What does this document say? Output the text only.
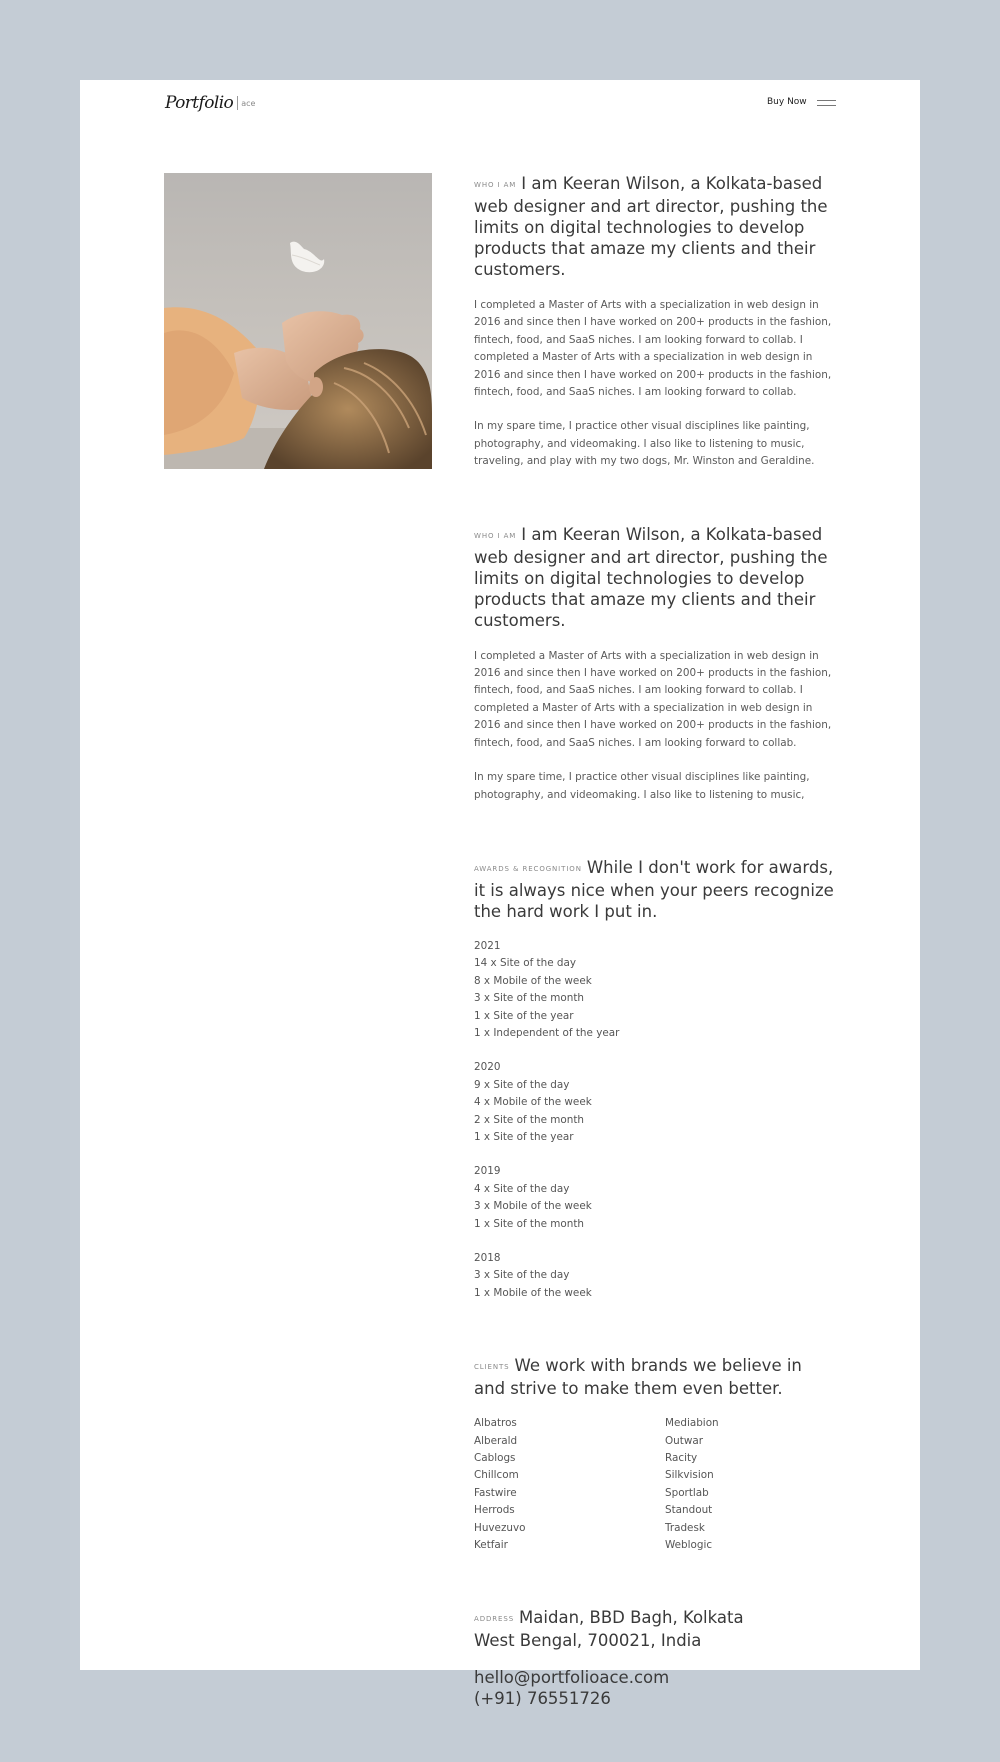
Portfolio ace	Buy Now

WHO I AM I am Keeran Wilson, a Kolkata-based web designer and art director, pushing the limits on digital technologies to develop products that amaze my clients and their customers.

I completed a Master of Arts with a specialization in web design in 2016 and since then I have worked on 200+ products in the fashion, fintech, food, and SaaS niches. I am looking forward to collab. I completed a Master of Arts with a specialization in web design in 2016 and since then I have worked on 200+ products in the fashion, fintech, food, and SaaS niches. I am looking forward to collab.

In my spare time, I practice other visual disciplines like painting, photography, and videomaking. I also like to listening to music, traveling, and play with my two dogs, Mr. Winston and Geraldine.

WHO I AM I am Keeran Wilson, a Kolkata-based web designer and art director, pushing the limits on digital technologies to develop products that amaze my clients and their customers.

I completed a Master of Arts with a specialization in web design in 2016 and since then I have worked on 200+ products in the fashion, fintech, food, and SaaS niches. I am looking forward to collab. I completed a Master of Arts with a specialization in web design in 2016 and since then I have worked on 200+ products in the fashion, fintech, food, and SaaS niches. I am looking forward to collab.

In my spare time, I practice other visual disciplines like painting, photography, and videomaking. I also like to listening to music,

AWARDS & RECOGNITION While I don't work for awards, it is always nice when your peers recognize the hard work I put in.

2021

14 x Site of the day

8 x Mobile of the week

3 x Site of the month

1 x Site of the year

1 x Independent of the year

2020

9 x Site of the day

4 x Mobile of the week

2 x Site of the month

1 x Site of the year

2019

4 x Site of the day

3 x Mobile of the week

1 x Site of the month

2018

3 x Site of the day

1 x Mobile of the week

CLIENTS We work with brands we believe in and strive to make them even better.

Albatros
Alberald
Cablogs
Chillcom
Fastwire
Herrods
Huvezuvo
Ketfair
Mediabion
Outwar
Racity
Silkvision
Sportlab
Standout
Tradesk
Weblogic

ADDRESS Maidan, BBD Bagh, Kolkata

West Bengal, 700021, India

hello@portfolioace.com

(+91) 76551726
